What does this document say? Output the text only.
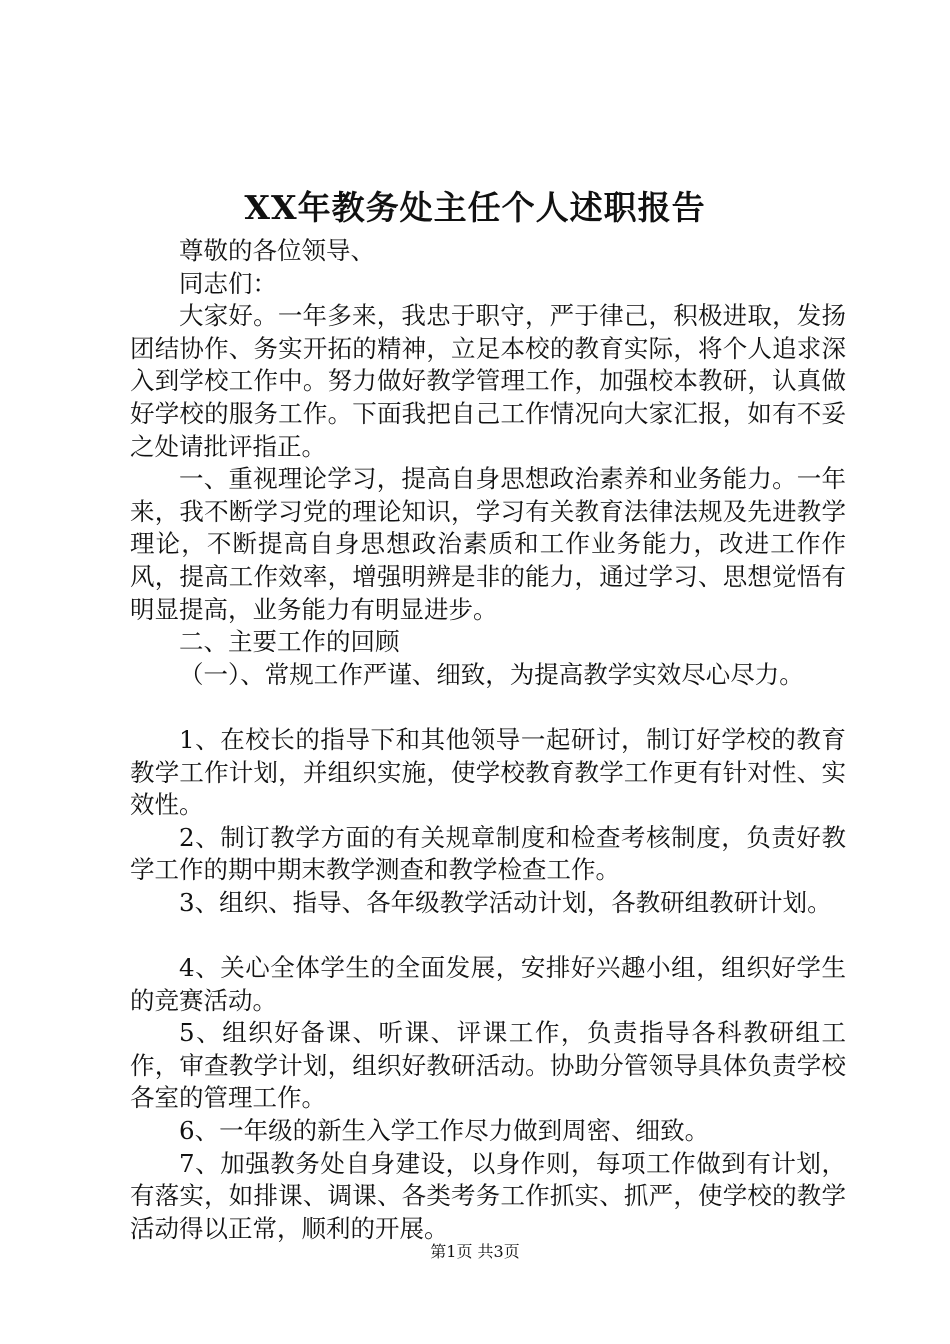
XX年教务处主任个人述职报告

尊敬的各位领导、

同志们：

大家好。一年多来，我忠于职守，严于律己，积极进取，发扬团结协作、务实开拓的精神，立足本校的教育实际，将个人追求深入到学校工作中。努力做好教学管理工作，加强校本教研，认真做好学校的服务工作。下面我把自己工作情况向大家汇报，如有不妥之处请批评指正。

一、重视理论学习，提高自身思想政治素养和业务能力。一年来，我不断学习党的理论知识，学习有关教育法律法规及先进教学理论，不断提高自身思想政治素质和工作业务能力，改进工作作风，提高工作效率，增强明辨是非的能力，通过学习、思想觉悟有明显提高，业务能力有明显进步。

二、主要工作的回顾

（一）、常规工作严谨、细致，为提高教学实效尽心尽力。

1、在校长的指导下和其他领导一起研讨，制订好学校的教育教学工作计划，并组织实施，使学校教育教学工作更有针对性、实效性。

2、制订教学方面的有关规章制度和检查考核制度，负责好教学工作的期中期末教学测查和教学检查工作。

3、组织、指导、各年级教学活动计划，各教研组教研计划。

4、关心全体学生的全面发展，安排好兴趣小组，组织好学生的竞赛活动。

5、组织好备课、听课、评课工作，负责指导各科教研组工作，审查教学计划，组织好教研活动。协助分管领导具体负责学校各室的管理工作。

6、一年级的新生入学工作尽力做到周密、细致。

7、加强教务处自身建设，以身作则，每项工作做到有计划，有落实，如排课、调课、各类考务工作抓实、抓严，使学校的教学活动得以正常，顺利的开展。

第1页 共3页
